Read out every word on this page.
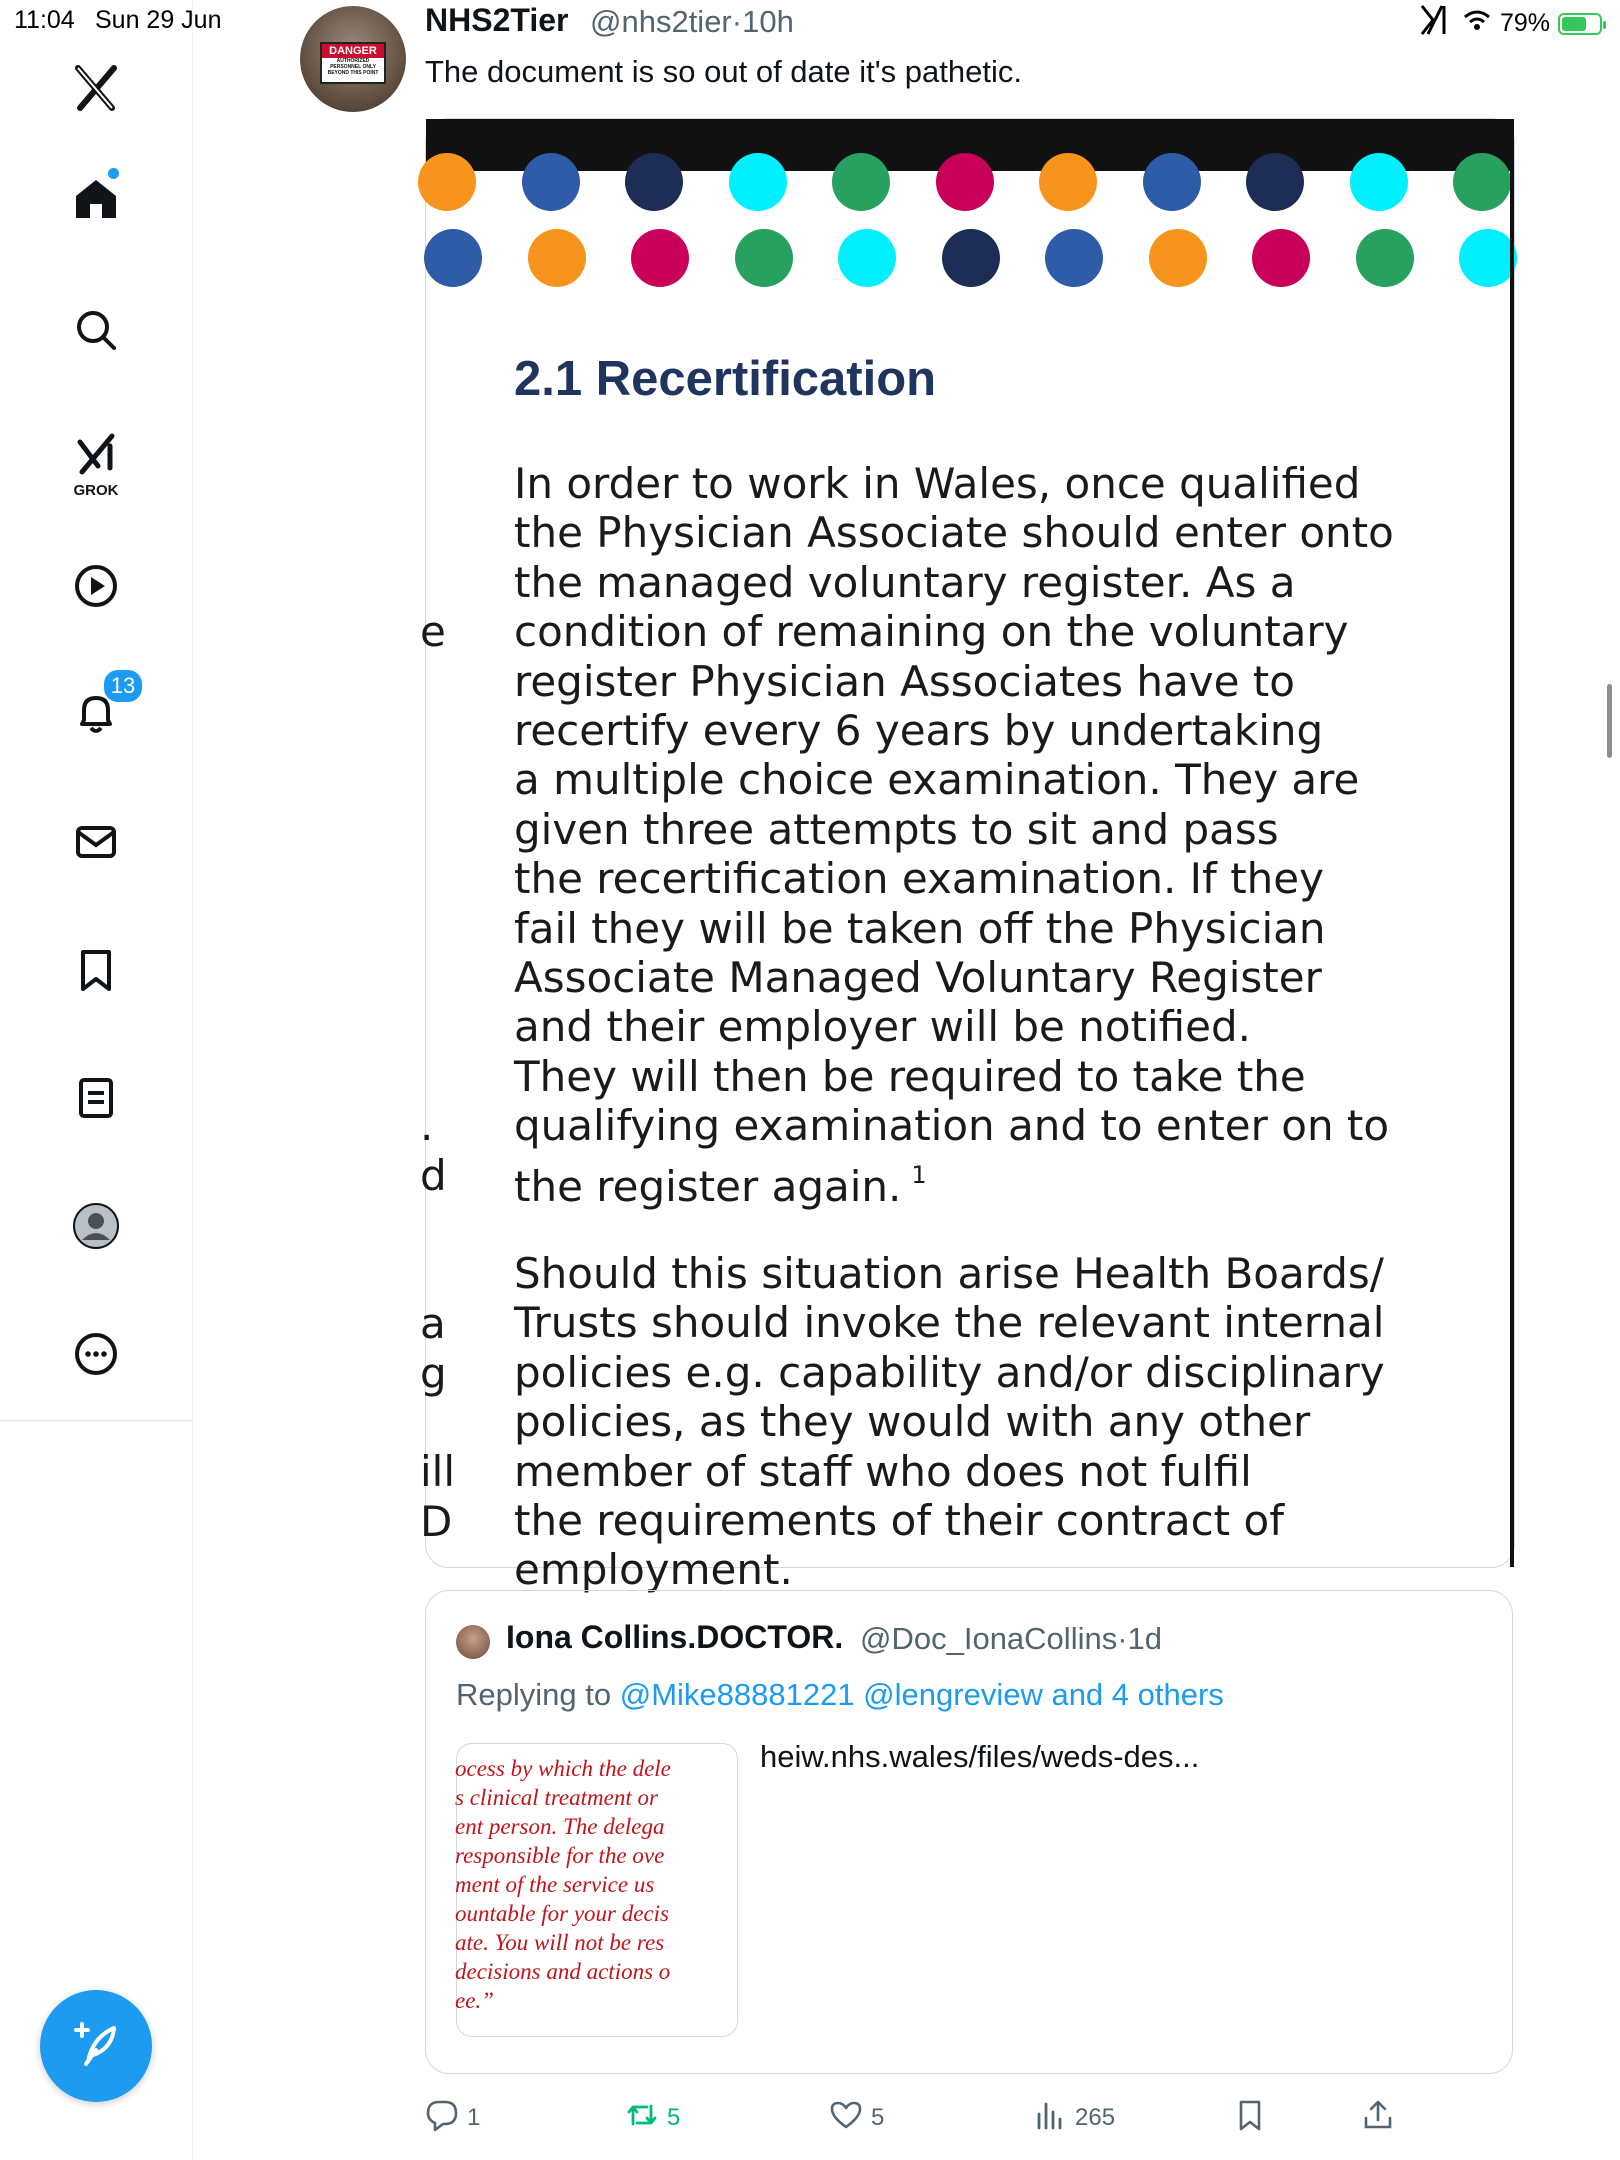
11:04 Sun 29 Jun	79%
GROK
13
DANGER
AUTHORIZED PERSONNEL ONLY BEYOND THIS POINT
NHS2Tier @nhs2tier·10h
The document is so out of date it's pathetic.
2.1 Recertification

In order to work in Wales, once qualified

the Physician Associate should enter onto

the managed voluntary register. As a

condition of remaining on the voluntary

register Physician Associates have to

recertify every 6 years by undertaking

a multiple choice examination. They are

given three attempts to sit and pass

the recertification examination. If they

fail they will be taken off the Physician

Associate Managed Voluntary Register

and their employer will be notified.

They will then be required to take the

qualifying examination and to enter on to

the register again. $^1$

Should this situation arise Health Boards/

Trusts should invoke the relevant internal

policies e.g. capability and/or disciplinary

policies, as they would with any other

member of staff who does not fulfil

the requirements of their contract of

employment.

e
.
d
a
g
ill
D
Iona Collins.DOCTOR. @Doc_IonaCollins·1d
Replying to @Mike88881221 @lengreview and 4 others
ocess by which the dele
s clinical treatment or
ent person. The delega
responsible for the ove
ment of the service us
ountable for your decis
ate. You will not be res
decisions and actions o
ee.”
heiw.nhs.wales/files/weds-des...
1	5	5	265
